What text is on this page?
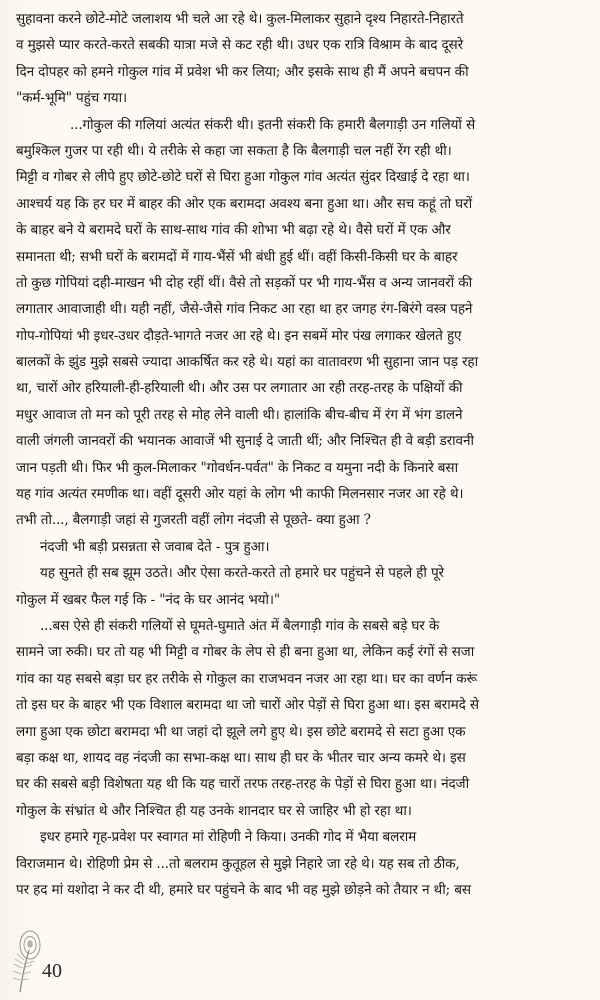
सुहावना करने छोटे-मोटे जलाशय भी चले आ रहे थे। कुल-मिलाकर सुहाने दृश्य निहारते-निहारते
व मुझसे प्यार करते-करते सबकी यात्रा मजे से कट रही थी। उधर एक रात्रि विश्राम के बाद दूसरे
दिन दोपहर को हमने गोकुल गांव में प्रवेश भी कर लिया; और इसके साथ ही मैं अपने बचपन की
"कर्म-भूमि" पहुंच गया।
...गोकुल की गलियां अत्यंत संकरी थी। इतनी संकरी कि हमारी बैलगाड़ी उन गलियों से
बमुश्किल गुजर पा रही थी। ये तरीके से कहा जा सकता है कि बैलगाड़ी चल नहीं रेंग रही थी।
मिट्टी व गोबर से लीपे हुए छोटे-छोटे घरों से घिरा हुआ गोकुल गांव अत्यंत सुंदर दिखाई दे रहा था।
आश्चर्य यह कि हर घर में बाहर की ओर एक बरामदा अवश्य बना हुआ था। और सच कहूं तो घरों
के बाहर बने ये बरामदे घरों के साथ-साथ गांव की शोभा भी बढ़ा रहे थे। वैसे घरों में एक और
समानता थी; सभी घरों के बरामदों में गाय-भैंसें भी बंधी हुई थीं। वहीं किसी-किसी घर के बाहर
तो कुछ गोपियां दही-माखन भी दोह रहीं थीं। वैसे तो सड़कों पर भी गाय-भैंस व अन्य जानवरों की
लगातार आवाजाही थी। यही नहीं, जैसे-जैसे गांव निकट आ रहा था हर जगह रंग-बिरंगे वस्त्र पहने
गोप-गोपियां भी इधर-उधर दौड़ते-भागते नजर आ रहे थे। इन सबमें मोर पंख लगाकर खेलते हुए
बालकों के झुंड मुझे सबसे ज्यादा आकर्षित कर रहे थे। यहां का वातावरण भी सुहाना जान पड़ रहा
था, चारों ओर हरियाली-ही-हरियाली थी। और उस पर लगातार आ रही तरह-तरह के पक्षियों की
मधुर आवाज तो मन को पूरी तरह से मोह लेने वाली थी। हालांकि बीच-बीच में रंग में भंग डालने
वाली जंगली जानवरों की भयानक आवाजें भी सुनाई दे जाती थीं; और निश्चित ही वे बड़ी डरावनी
जान पड़ती थी। फिर भी कुल-मिलाकर "गोवर्धन-पर्वत" के निकट व यमुना नदी के किनारे बसा
यह गांव अत्यंत रमणीक था। वहीं दूसरी ओर यहां के लोग भी काफी मिलनसार नजर आ रहे थे।
तभी तो..., बैलगाड़ी जहां से गुजरती वहीं लोग नंदजी से पूछते- क्या हुआ ?
नंदजी भी बड़ी प्रसन्नता से जवाब देते - पुत्र हुआ।
यह सुनते ही सब झूम उठते। और ऐसा करते-करते तो हमारे घर पहुंचने से पहले ही पूरे
गोकुल में खबर फैल गई कि - "नंद के घर आनंद भयो।"
...बस ऐसे ही संकरी गलियों से घूमते-घुमाते अंत में बैलगाड़ी गांव के सबसे बड़े घर के
सामने जा रुकी। घर तो यह भी मिट्टी व गोबर के लेप से ही बना हुआ था, लेकिन कई रंगों से सजा
गांव का यह सबसे बड़ा घर हर तरीके से गोकुल का राजभवन नजर आ रहा था। घर का वर्णन करूं
तो इस घर के बाहर भी एक विशाल बरामदा था जो चारों ओर पेड़ों से घिरा हुआ था। इस बरामदे से
लगा हुआ एक छोटा बरामदा भी था जहां दो झूले लगे हुए थे। इस छोटे बरामदे से सटा हुआ एक
बड़ा कक्ष था, शायद वह नंदजी का सभा-कक्ष था। साथ ही घर के भीतर चार अन्य कमरे थे। इस
घर की सबसे बड़ी विशेषता यह थी कि यह चारों तरफ तरह-तरह के पेड़ों से घिरा हुआ था। नंदजी
गोकुल के संभ्रांत थे और निश्चित ही यह उनके शानदार घर से जाहिर भी हो रहा था।
इधर हमारे गृह-प्रवेश पर स्वागत मां रोहिणी ने किया। उनकी गोद में भैया बलराम
विराजमान थे। रोहिणी प्रेम से ...तो बलराम कुतूहल से मुझे निहारे जा रहे थे। यह सब तो ठीक,
पर हद मां यशोदा ने कर दी थी, हमारे घर पहुंचने के बाद भी वह मुझे छोड़ने को तैयार न थी; बस
40
